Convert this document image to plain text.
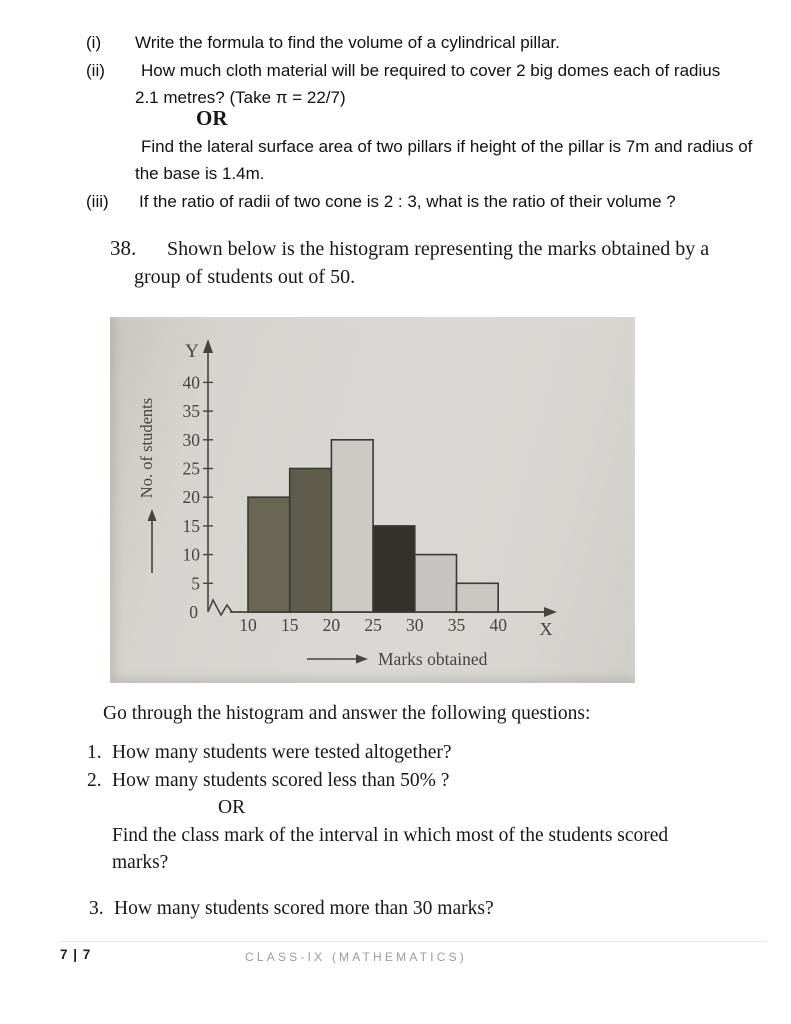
(i) Write the formula to find the volume of a cylindrical pillar.
(ii) How much cloth material will be required to cover 2 big domes each of radius
2.1 metres? (Take π = 22/7)
OR
Find the lateral surface area of two pillars if height of the pillar is 7m and radius of
the base is 1.4m.
(iii) If the ratio of radii of two cone is 2 : 3, what is the ratio of their volume ?
38. Shown below is the histogram representing the marks obtained by a
group of students out of 50.
Y
5
10
15
20
25
30
35
40
0
X
10 15 20 25 30 35 40
No. of students
Marks obtained
Go through the histogram and answer the following questions:
1. How many students were tested altogether?
2. How many students scored less than 50% ?
OR
Find the class mark of the interval in which most of the students scored
marks?
3. How many students scored more than 30 marks?
7 | 7	CLASS-IX (MATHEMATICS)
